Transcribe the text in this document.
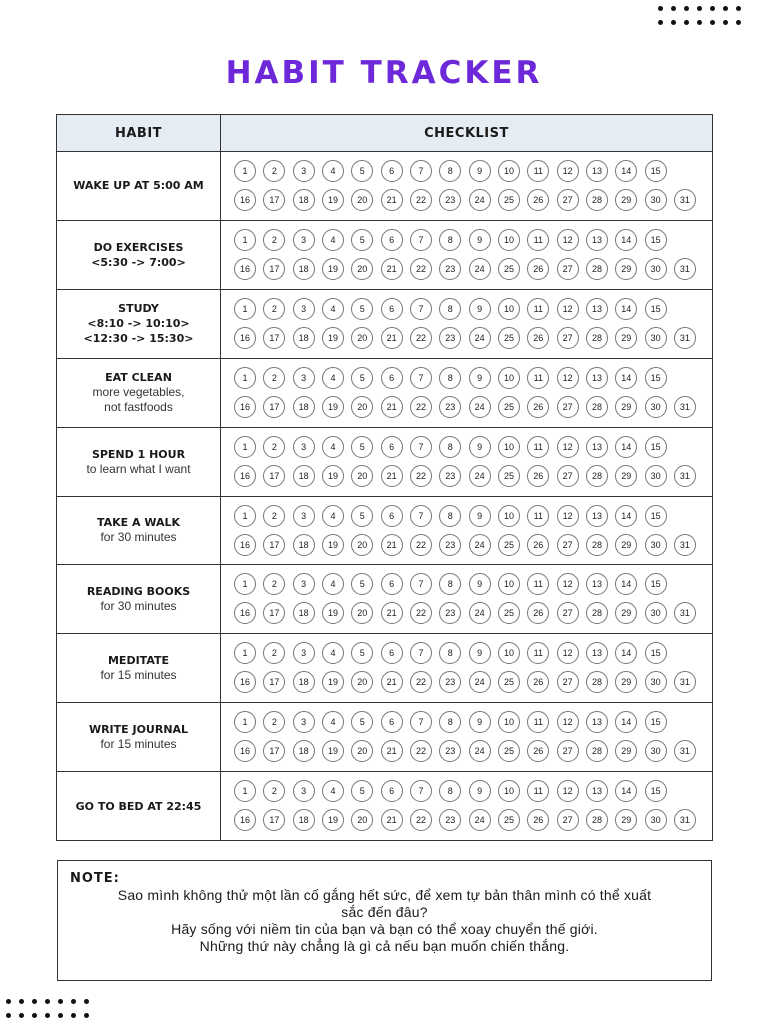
HABIT TRACKER
HABIT	CHECKLIST
WAKE UP AT 5:00 AM
1	2	3	4	5	6	7	8	9	10	11	12	13	14	15
16	17	18	19	20	21	22	23	24	25	26	27	28	29	30	31
DO EXERCISES
<5:30 -> 7:00>
1	2	3	4	5	6	7	8	9	10	11	12	13	14	15
16	17	18	19	20	21	22	23	24	25	26	27	28	29	30	31
STUDY
<8:10 -> 10:10>
<12:30 -> 15:30>
1	2	3	4	5	6	7	8	9	10	11	12	13	14	15
16	17	18	19	20	21	22	23	24	25	26	27	28	29	30	31
EAT CLEAN
more vegetables,
not fastfoods
1	2	3	4	5	6	7	8	9	10	11	12	13	14	15
16	17	18	19	20	21	22	23	24	25	26	27	28	29	30	31
SPEND 1 HOUR
to learn what I want
1	2	3	4	5	6	7	8	9	10	11	12	13	14	15
16	17	18	19	20	21	22	23	24	25	26	27	28	29	30	31
TAKE A WALK
for 30 minutes
1	2	3	4	5	6	7	8	9	10	11	12	13	14	15
16	17	18	19	20	21	22	23	24	25	26	27	28	29	30	31
READING BOOKS
for 30 minutes
1	2	3	4	5	6	7	8	9	10	11	12	13	14	15
16	17	18	19	20	21	22	23	24	25	26	27	28	29	30	31
MEDITATE
for 15 minutes
1	2	3	4	5	6	7	8	9	10	11	12	13	14	15
16	17	18	19	20	21	22	23	24	25	26	27	28	29	30	31
WRITE JOURNAL
for 15 minutes
1	2	3	4	5	6	7	8	9	10	11	12	13	14	15
16	17	18	19	20	21	22	23	24	25	26	27	28	29	30	31
GO TO BED AT 22:45
1	2	3	4	5	6	7	8	9	10	11	12	13	14	15
16	17	18	19	20	21	22	23	24	25	26	27	28	29	30	31
NOTE:
Sao mình không thử một lần cố gắng hết sức, để xem tự bản thân mình có thể xuất
sắc đến đâu?
Hãy sống với niềm tin của bạn và bạn có thể xoay chuyển thế giới.
Những thứ này chẳng là gì cả nếu bạn muốn chiến thắng.
